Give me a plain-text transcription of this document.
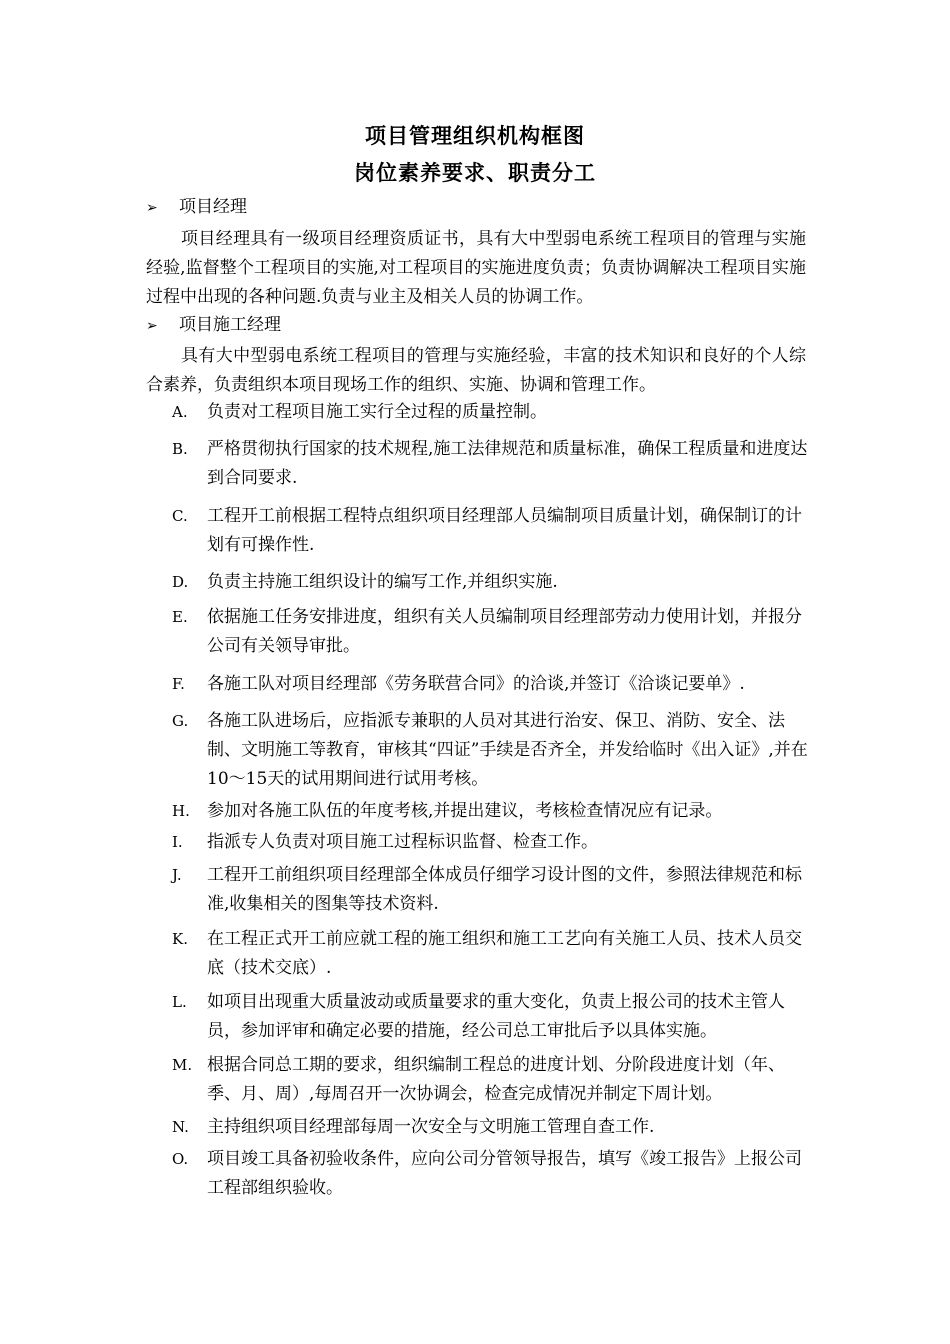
项目管理组织机构框图
岗位素养要求、职责分工
➢ 项目经理

项目经理具有一级项目经理资质证书，具有大中型弱电系统工程项目的管理与实施经验,监督整个工程项目的实施,对工程项目的实施进度负责；负责协调解决工程项目实施过程中出现的各种问题.负责与业主及相关人员的协调工作。

➢ 项目施工经理

具有大中型弱电系统工程项目的管理与实施经验，丰富的技术知识和良好的个人综合素养，负责组织本项目现场工作的组织、实施、协调和管理工作。

A. 负责对工程项目施工实行全过程的质量控制。
B. 严格贯彻执行国家的技术规程,施工法律规范和质量标准，确保工程质量和进度达到合同要求.
C. 工程开工前根据工程特点组织项目经理部人员编制项目质量计划，确保制订的计划有可操作性.
D. 负责主持施工组织设计的编写工作,并组织实施.
E. 依据施工任务安排进度，组织有关人员编制项目经理部劳动力使用计划，并报分公司有关领导审批。
F. 各施工队对项目经理部《劳务联营合同》的洽谈,并签订《洽谈记要单》.
G. 各施工队进场后，应指派专兼职的人员对其进行治安、保卫、消防、安全、法制、文明施工等教育，审核其“四证”手续是否齐全，并发给临时《出入证》,并在10～15天的试用期间进行试用考核。
H. 参加对各施工队伍的年度考核,并提出建议，考核检查情况应有记录。
I. 指派专人负责对项目施工过程标识监督、检查工作。
J. 工程开工前组织项目经理部全体成员仔细学习设计图的文件，参照法律规范和标准,收集相关的图集等技术资料.
K. 在工程正式开工前应就工程的施工组织和施工工艺向有关施工人员、技术人员交底（技术交底）.
L. 如项目出现重大质量波动或质量要求的重大变化，负责上报公司的技术主管人员，参加评审和确定必要的措施，经公司总工审批后予以具体实施。
M. 根据合同总工期的要求，组织编制工程总的进度计划、分阶段进度计划（年、季、月、周）,每周召开一次协调会，检查完成情况并制定下周计划。
N. 主持组织项目经理部每周一次安全与文明施工管理自查工作.
O. 项目竣工具备初验收条件，应向公司分管领导报告，填写《竣工报告》上报公司工程部组织验收。
